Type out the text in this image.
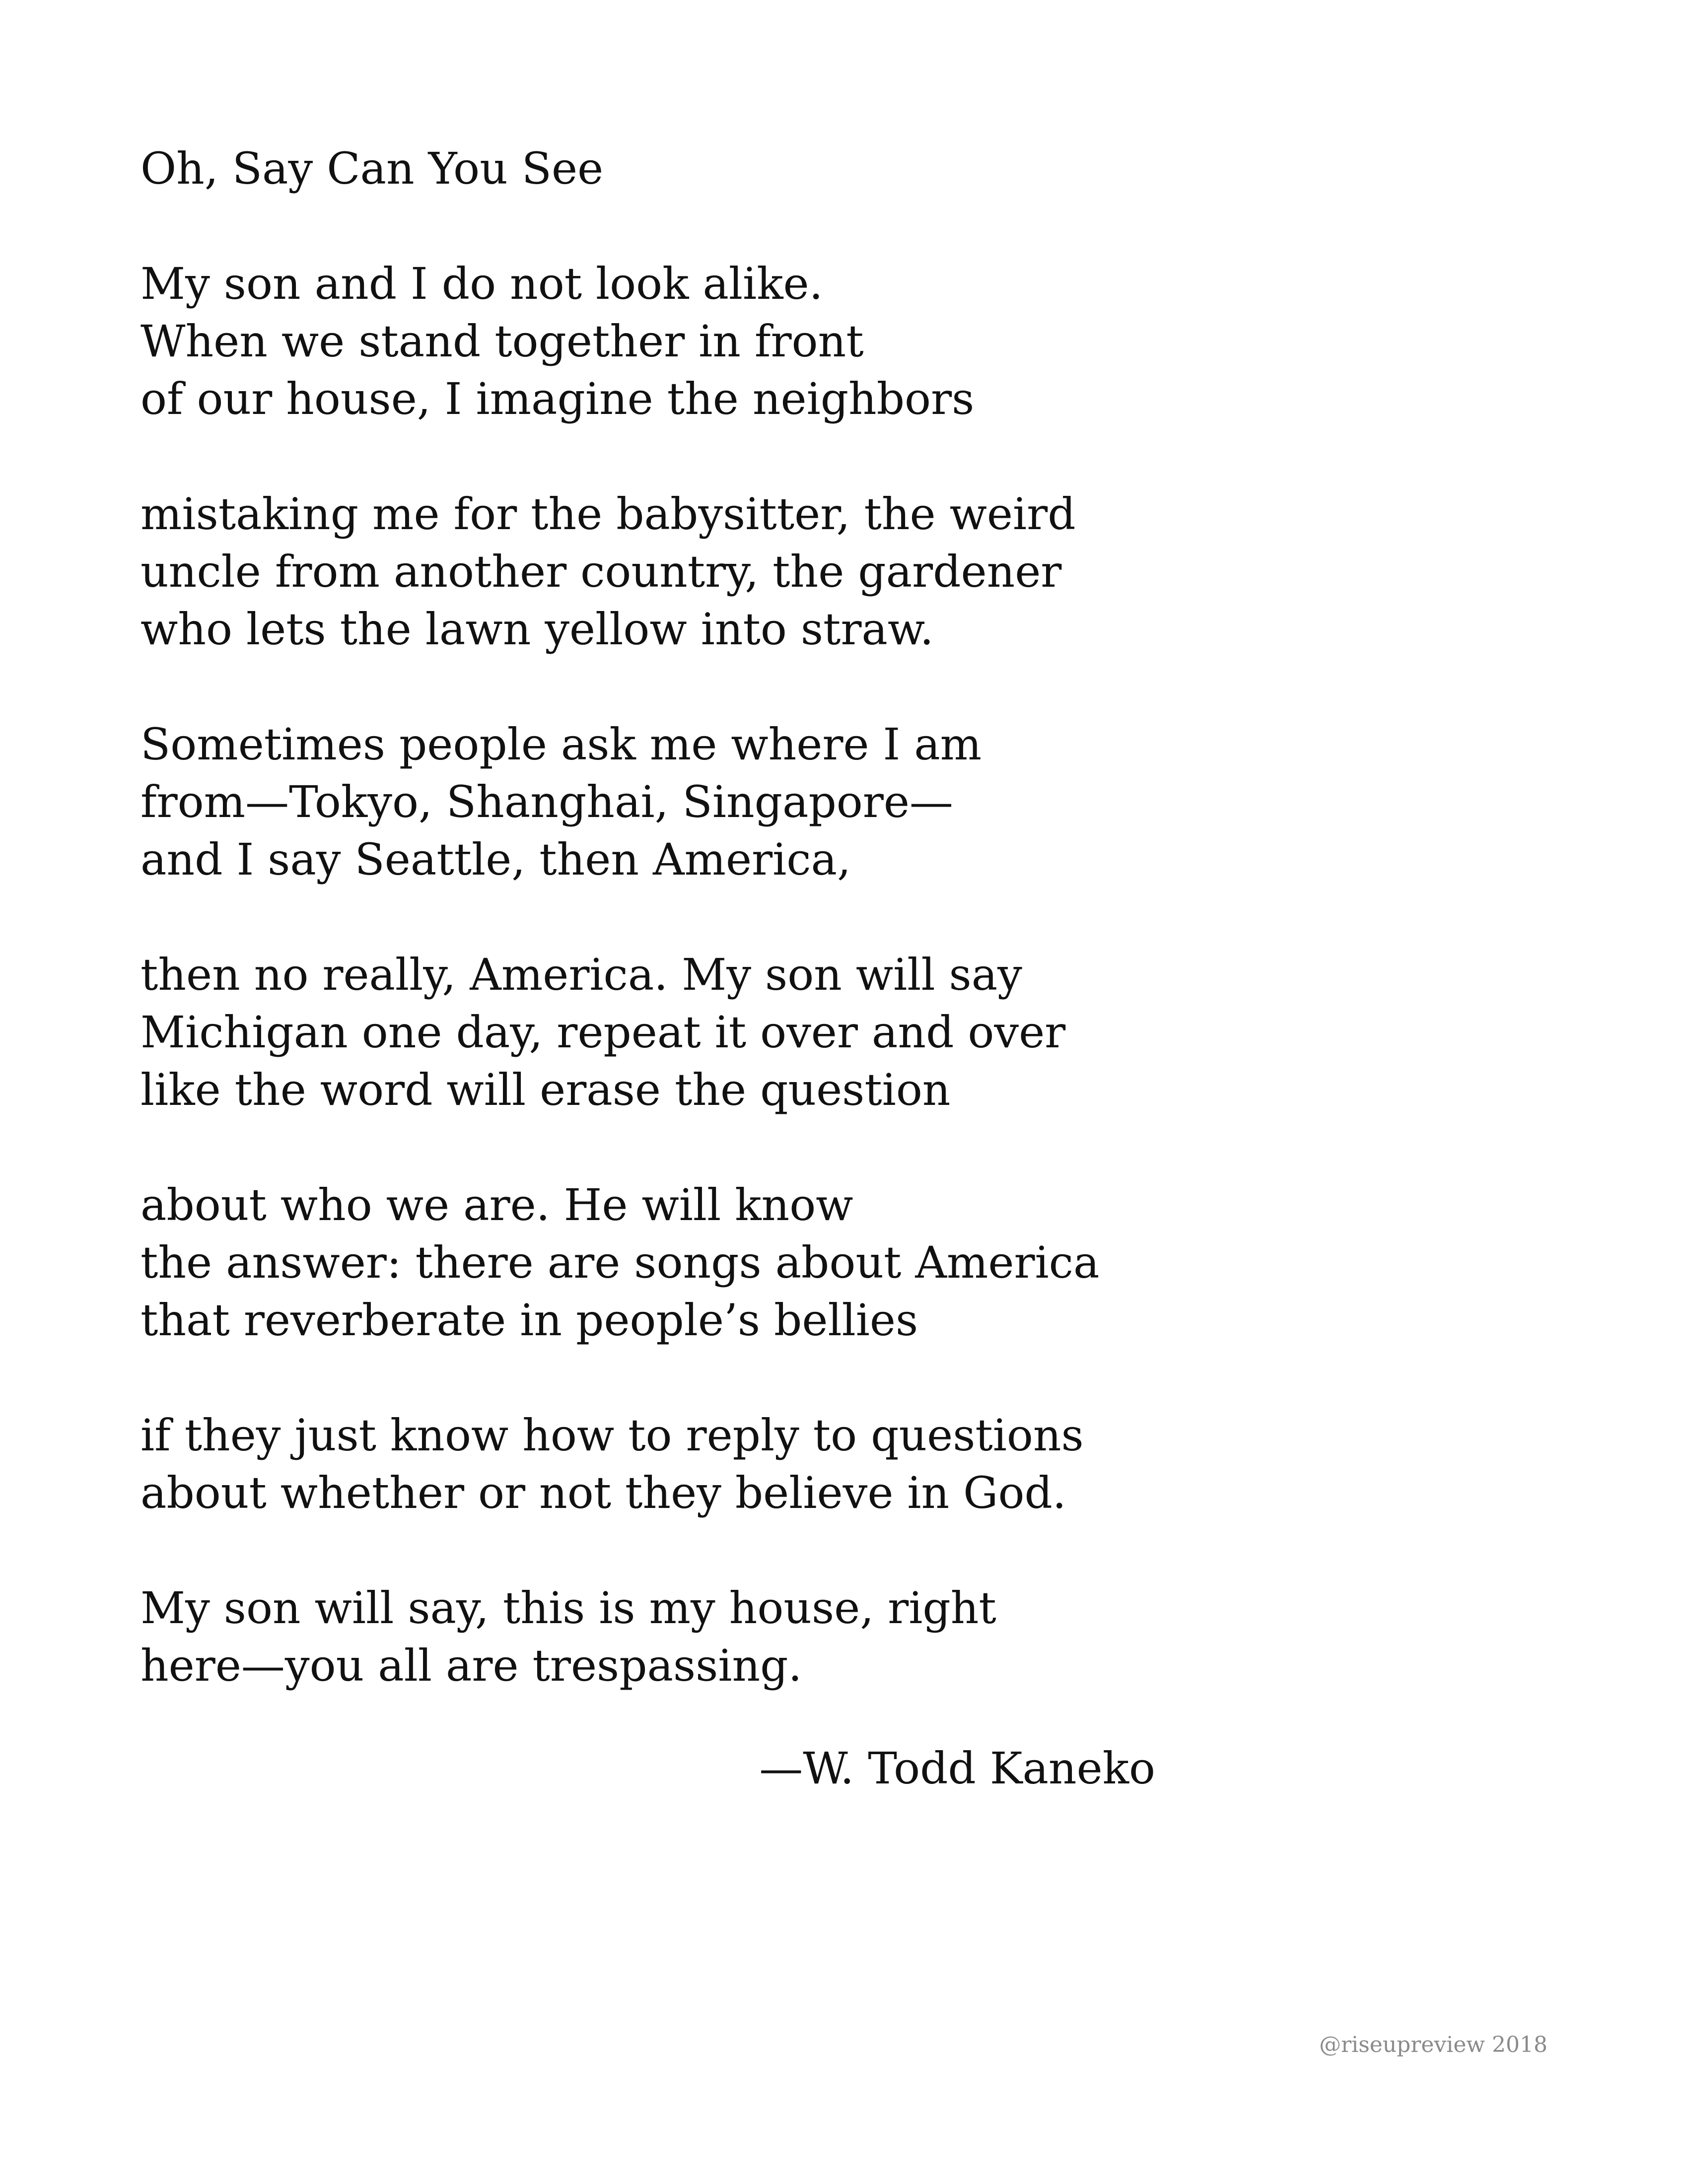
Oh, Say Can You See
My son and I do not look alike.
When we stand together in front
of our house, I imagine the neighbors
mistaking me for the babysitter, the weird
uncle from another country, the gardener
who lets the lawn yellow into straw.
Sometimes people ask me where I am
from—Tokyo, Shanghai, Singapore—
and I say Seattle, then America,
then no really, America. My son will say
Michigan one day, repeat it over and over
like the word will erase the question
about who we are. He will know
the answer: there are songs about America
that reverberate in people’s bellies
if they just know how to reply to questions
about whether or not they believe in God.
My son will say, this is my house, right
here—you all are trespassing.
—W. Todd Kaneko
@riseupreview 2018
